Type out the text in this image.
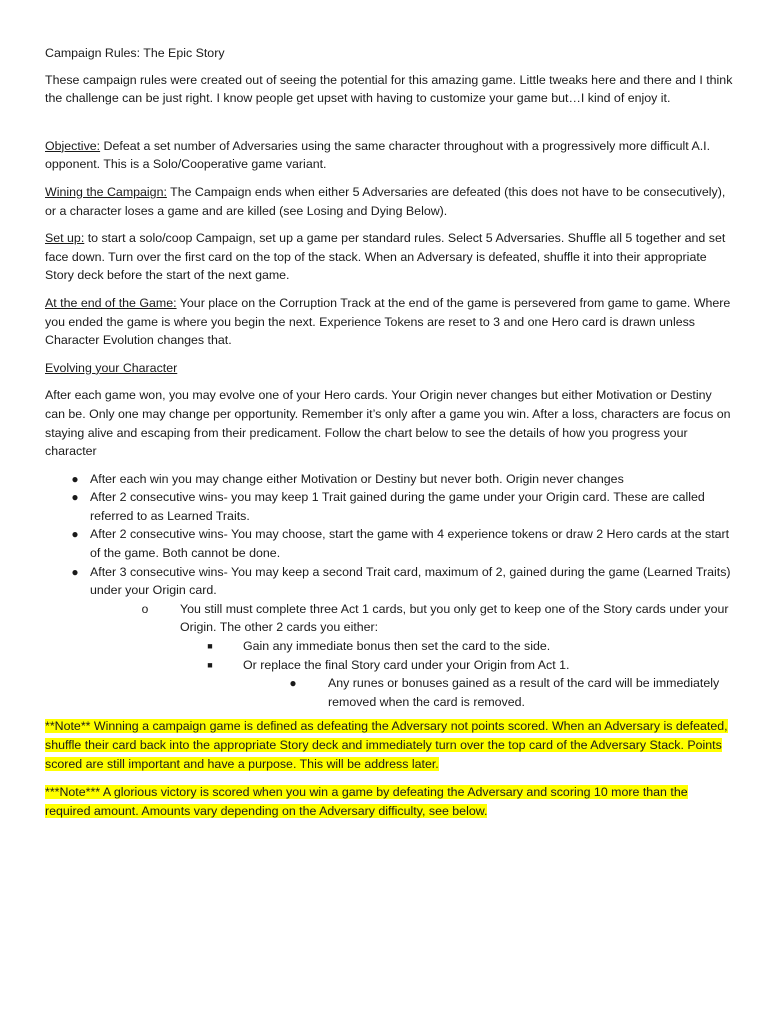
Campaign Rules: The Epic Story

These campaign rules were created out of seeing the potential for this amazing game. Little tweaks here and there and I think the challenge can be just right. I know people get upset with having to customize your game but…I kind of enjoy it.

Objective: Defeat a set number of Adversaries using the same character throughout with a progressively more difficult A.I. opponent. This is a Solo/Cooperative game variant.

Wining the Campaign: The Campaign ends when either 5 Adversaries are defeated (this does not have to be consecutively), or a character loses a game and are killed (see Losing and Dying Below).

Set up: to start a solo/coop Campaign, set up a game per standard rules. Select 5 Adversaries. Shuffle all 5 together and set face down. Turn over the first card on the top of the stack. When an Adversary is defeated, shuffle it into their appropriate Story deck before the start of the next game.

At the end of the Game: Your place on the Corruption Track at the end of the game is persevered from game to game. Where you ended the game is where you begin the next. Experience Tokens are reset to 3 and one Hero card is drawn unless Character Evolution changes that.

Evolving your Character

After each game won, you may evolve one of your Hero cards. Your Origin never changes but either Motivation or Destiny can be. Only one may change per opportunity. Remember it’s only after a game you win. After a loss, characters are focus on staying alive and escaping from their predicament. Follow the chart below to see the details of how you progress your character

● After each win you may change either Motivation or Destiny but never both. Origin never changes
● After 2 consecutive wins- you may keep 1 Trait gained during the game under your Origin card. These are called referred to as Learned Traits.
● After 2 consecutive wins- You may choose, start the game with 4 experience tokens or draw 2 Hero cards at the start of the game. Both cannot be done.
● After 3 consecutive wins- You may keep a second Trait card, maximum of 2, gained during the game (Learned Traits) under your Origin card.
o	You still must complete three Act 1 cards, but you only get to keep one of the Story cards under your Origin. The other 2 cards you either:
■	Gain any immediate bonus then set the card to the side.
■	Or replace the final Story card under your Origin from Act 1.
●	Any runes or bonuses gained as a result of the card will be immediately removed when the card is removed.

**Note** Winning a campaign game is defined as defeating the Adversary not points scored. When an Adversary is defeated, shuffle their card back into the appropriate Story deck and immediately turn over the top card of the Adversary Stack. Points scored are still important and have a purpose. This will be address later.

***Note*** A glorious victory is scored when you win a game by defeating the Adversary and scoring 10 more than the required amount. Amounts vary depending on the Adversary difficulty, see below.
